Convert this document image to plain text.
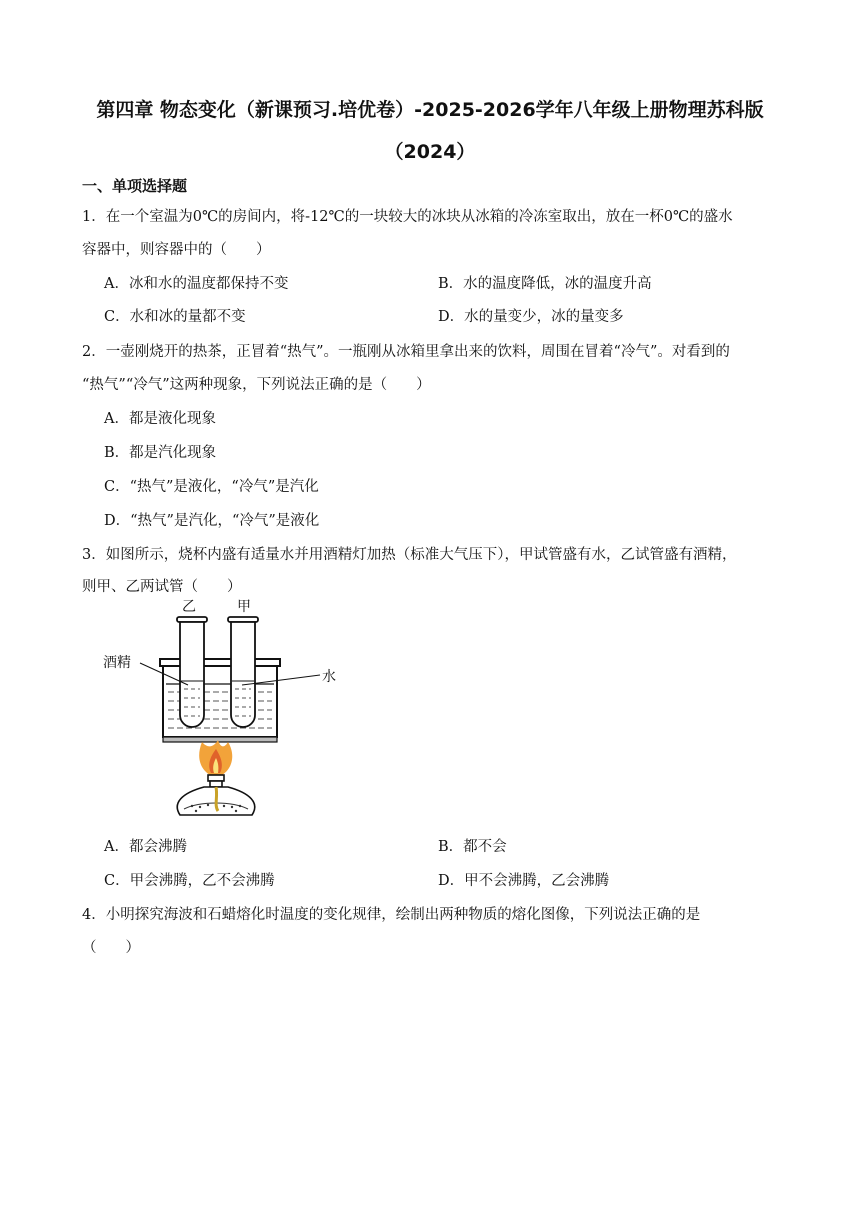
第四章 物态变化（新课预习.培优卷）-2025-2026学年八年级上册物理苏科版
（2024）
一、单项选择题
1．在一个室温为0℃的房间内，将-12℃的一块较大的冰块从冰箱的冷冻室取出，放在一杯0℃的盛水
容器中，则容器中的（　　）
A．冰和水的温度都保持不变	B．水的温度降低，冰的温度升高
C．水和冰的量都不变	D．水的量变少，冰的量变多
2．一壶刚烧开的热茶，正冒着“热气”。一瓶刚从冰箱里拿出来的饮料，周围在冒着“冷气”。对看到的
“热气”“冷气”这两种现象，下列说法正确的是（　　）
A．都是液化现象
B．都是汽化现象
C．“热气”是液化，“冷气”是汽化
D．“热气”是汽化，“冷气”是液化
3．如图所示，烧杯内盛有适量水并用酒精灯加热（标准大气压下），甲试管盛有水，乙试管盛有酒精，
则甲、乙两试管（　　）
乙	甲
酒精
水
A．都会沸腾	B．都不会
C．甲会沸腾，乙不会沸腾	D．甲不会沸腾，乙会沸腾
4．小明探究海波和石蜡熔化时温度的变化规律，绘制出两种物质的熔化图像，下列说法正确的是
（　　）
